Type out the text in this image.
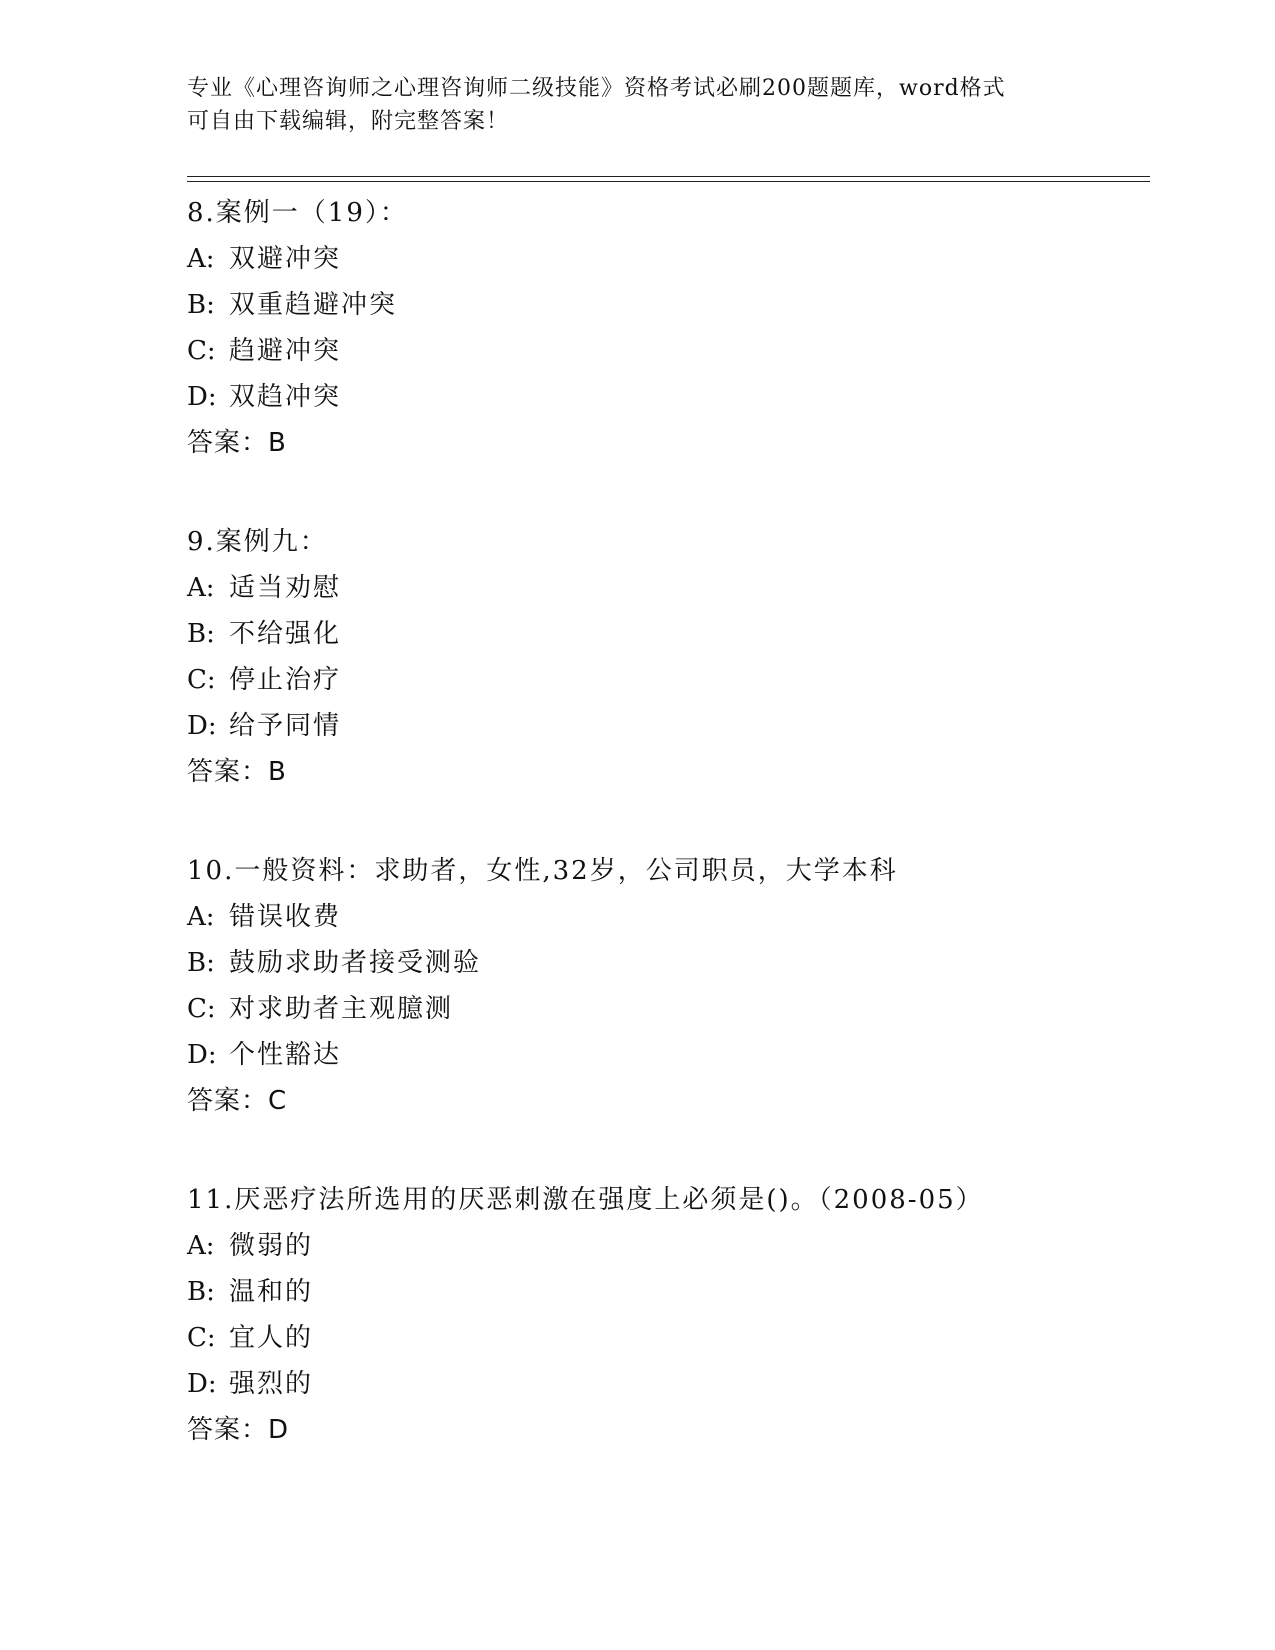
专业《心理咨询师之心理咨询师二级技能》资格考试必刷200题题库，word格式
可自由下载编辑，附完整答案！
8.案例一（19）：
A: 双避冲突
B: 双重趋避冲突
C: 趋避冲突
D: 双趋冲突
答案：B
9.案例九：
A: 适当劝慰
B: 不给强化
C: 停止治疗
D: 给予同情
答案：B
10.一般资料：求助者，女性,32岁，公司职员，大学本科
A: 错误收费
B: 鼓励求助者接受测验
C: 对求助者主观臆测
D: 个性豁达
答案：C
11.厌恶疗法所选用的厌恶刺激在强度上必须是()。（2008-05）
A: 微弱的
B: 温和的
C: 宜人的
D: 强烈的
答案：D
